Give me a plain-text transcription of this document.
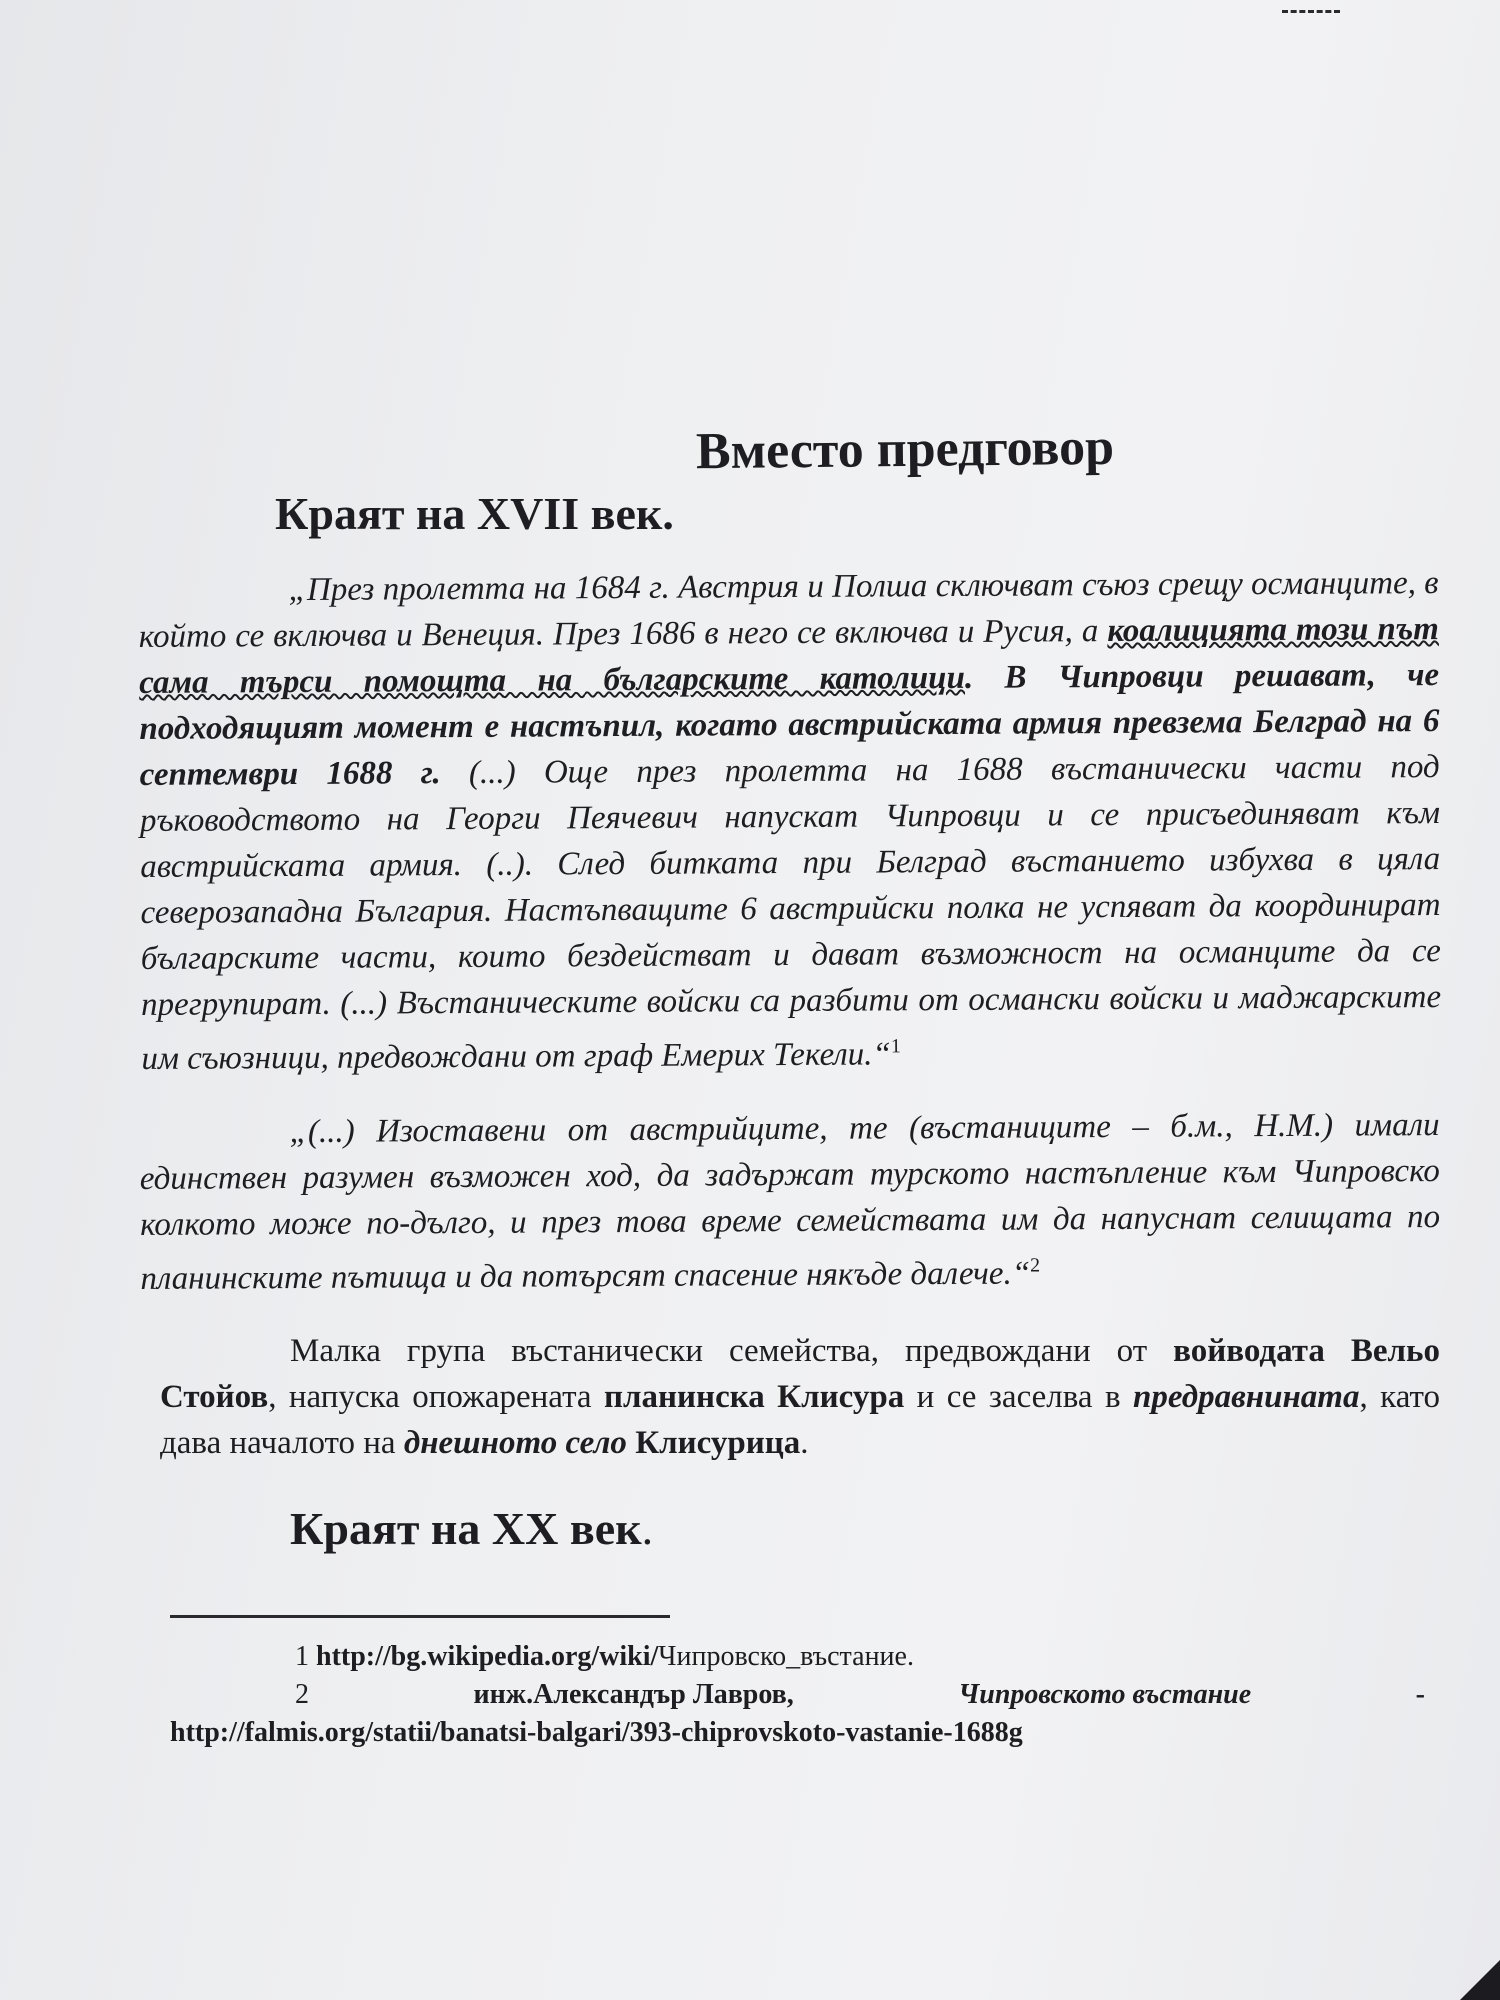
Вместо предговор
Краят на XVII век.

„През пролетта на 1684 г. Австрия и Полша сключват съюз срещу османците, в който се включва и Венеция. През 1686 в него се включва и Русия, а коалицията този път сама търси помощта на българските католици. В Чипровци решават, че подходящият момент е настъпил, когато австрийската армия превзема Белград на 6 септември 1688 г. (...) Още през пролетта на 1688 въстанически части под ръководството на Георги Пеячевич напускат Чипровци и се присъединяват към австрийската армия. (..). След битката при Белград въстанието избухва в цяла северозападна България. Настъпващите 6 австрийски полка не успяват да координират българските части, които бездействат и дават възможност на османците да се прегрупират. (...) Въстаническите войски са разбити от османски войски и маджарските им съюзници, предвождани от граф Емерих Текели.“$^1$

„(...) Изоставени от австрийците, те (въстаниците – б.м., Н.М.) имали единствен разумен възможен ход, да задържат турското настъпление към Чипровско колкото може по-дълго, и през това време семействата им да напуснат селищата по планинските пътища и да потърсят спасение някъде далече.“$^2$

Малка група въстанически семейства, предвождани от войводата Вельо Стойов, напуска опожарената планинска Клисура и се заселва в предравнината, като дава началото на днешното село Клисурица.

Краят на XX век.
1 http://bg.wikipedia.org/wiki/Чипровско_въстание.
2	инж.Александър Лавров,	Чипровското въстание	-
http://falmis.org/statii/banatsi-balgari/393-chiprovskoto-vastanie-1688g
